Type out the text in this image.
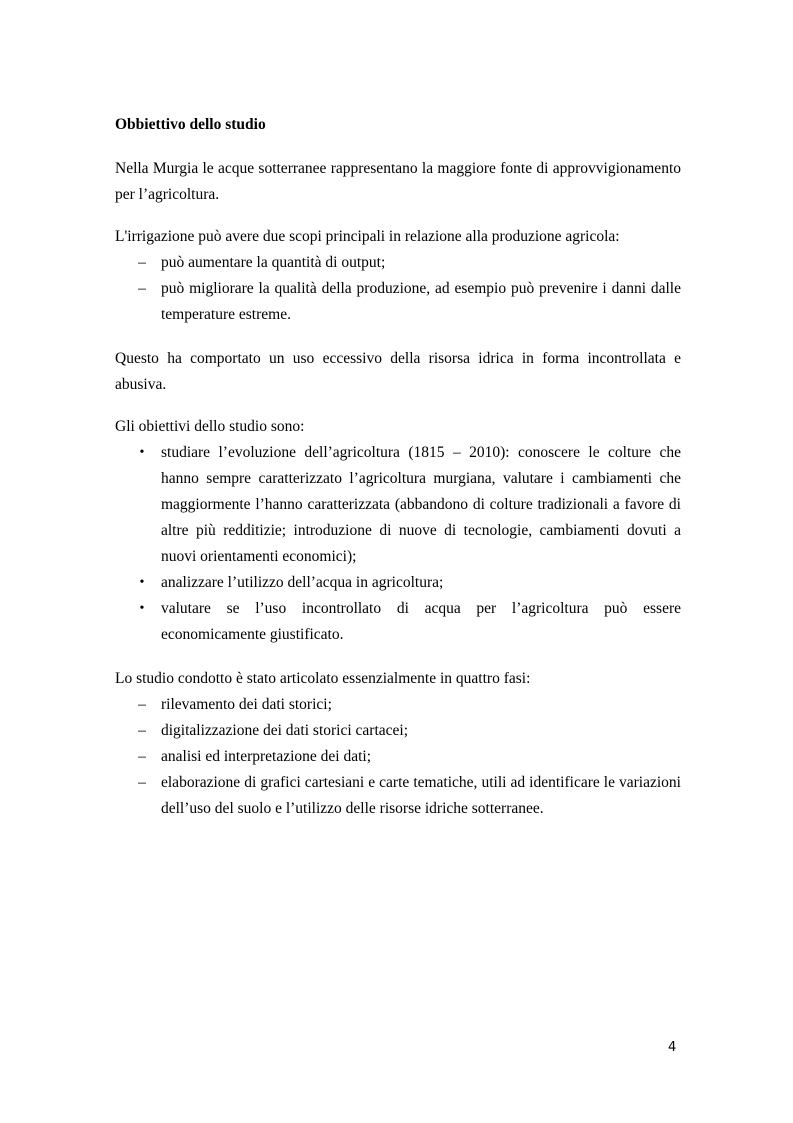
Obbiettivo dello studio

Nella Murgia le acque sotterranee rappresentano la maggiore fonte di approvvigionamento per l’agricoltura.

L'irrigazione può avere due scopi principali in relazione alla produzione agricola:

– può aumentare la quantità di output;
– può migliorare la qualità della produzione, ad esempio può prevenire i danni dalle temperature estreme.

Questo ha comportato un uso eccessivo della risorsa idrica in forma incontrollata e abusiva.

Gli obiettivi dello studio sono:

• studiare l’evoluzione dell’agricoltura (1815 – 2010): conoscere le colture che hanno sempre caratterizzato l’agricoltura murgiana, valutare i cambiamenti che maggiormente l’hanno caratterizzata (abbandono di colture tradizionali a favore di altre più redditizie; introduzione di nuove di tecnologie, cambiamenti dovuti a nuovi orientamenti economici);
• analizzare l’utilizzo dell’acqua in agricoltura;
• valutare se l’uso incontrollato di acqua per l’agricoltura può essere economicamente giustificato.

Lo studio condotto è stato articolato essenzialmente in quattro fasi:

– rilevamento dei dati storici;
– digitalizzazione dei dati storici cartacei;
– analisi ed interpretazione dei dati;
– elaborazione di grafici cartesiani e carte tematiche, utili ad identificare le variazioni dell’uso del suolo e l’utilizzo delle risorse idriche sotterranee.
4
